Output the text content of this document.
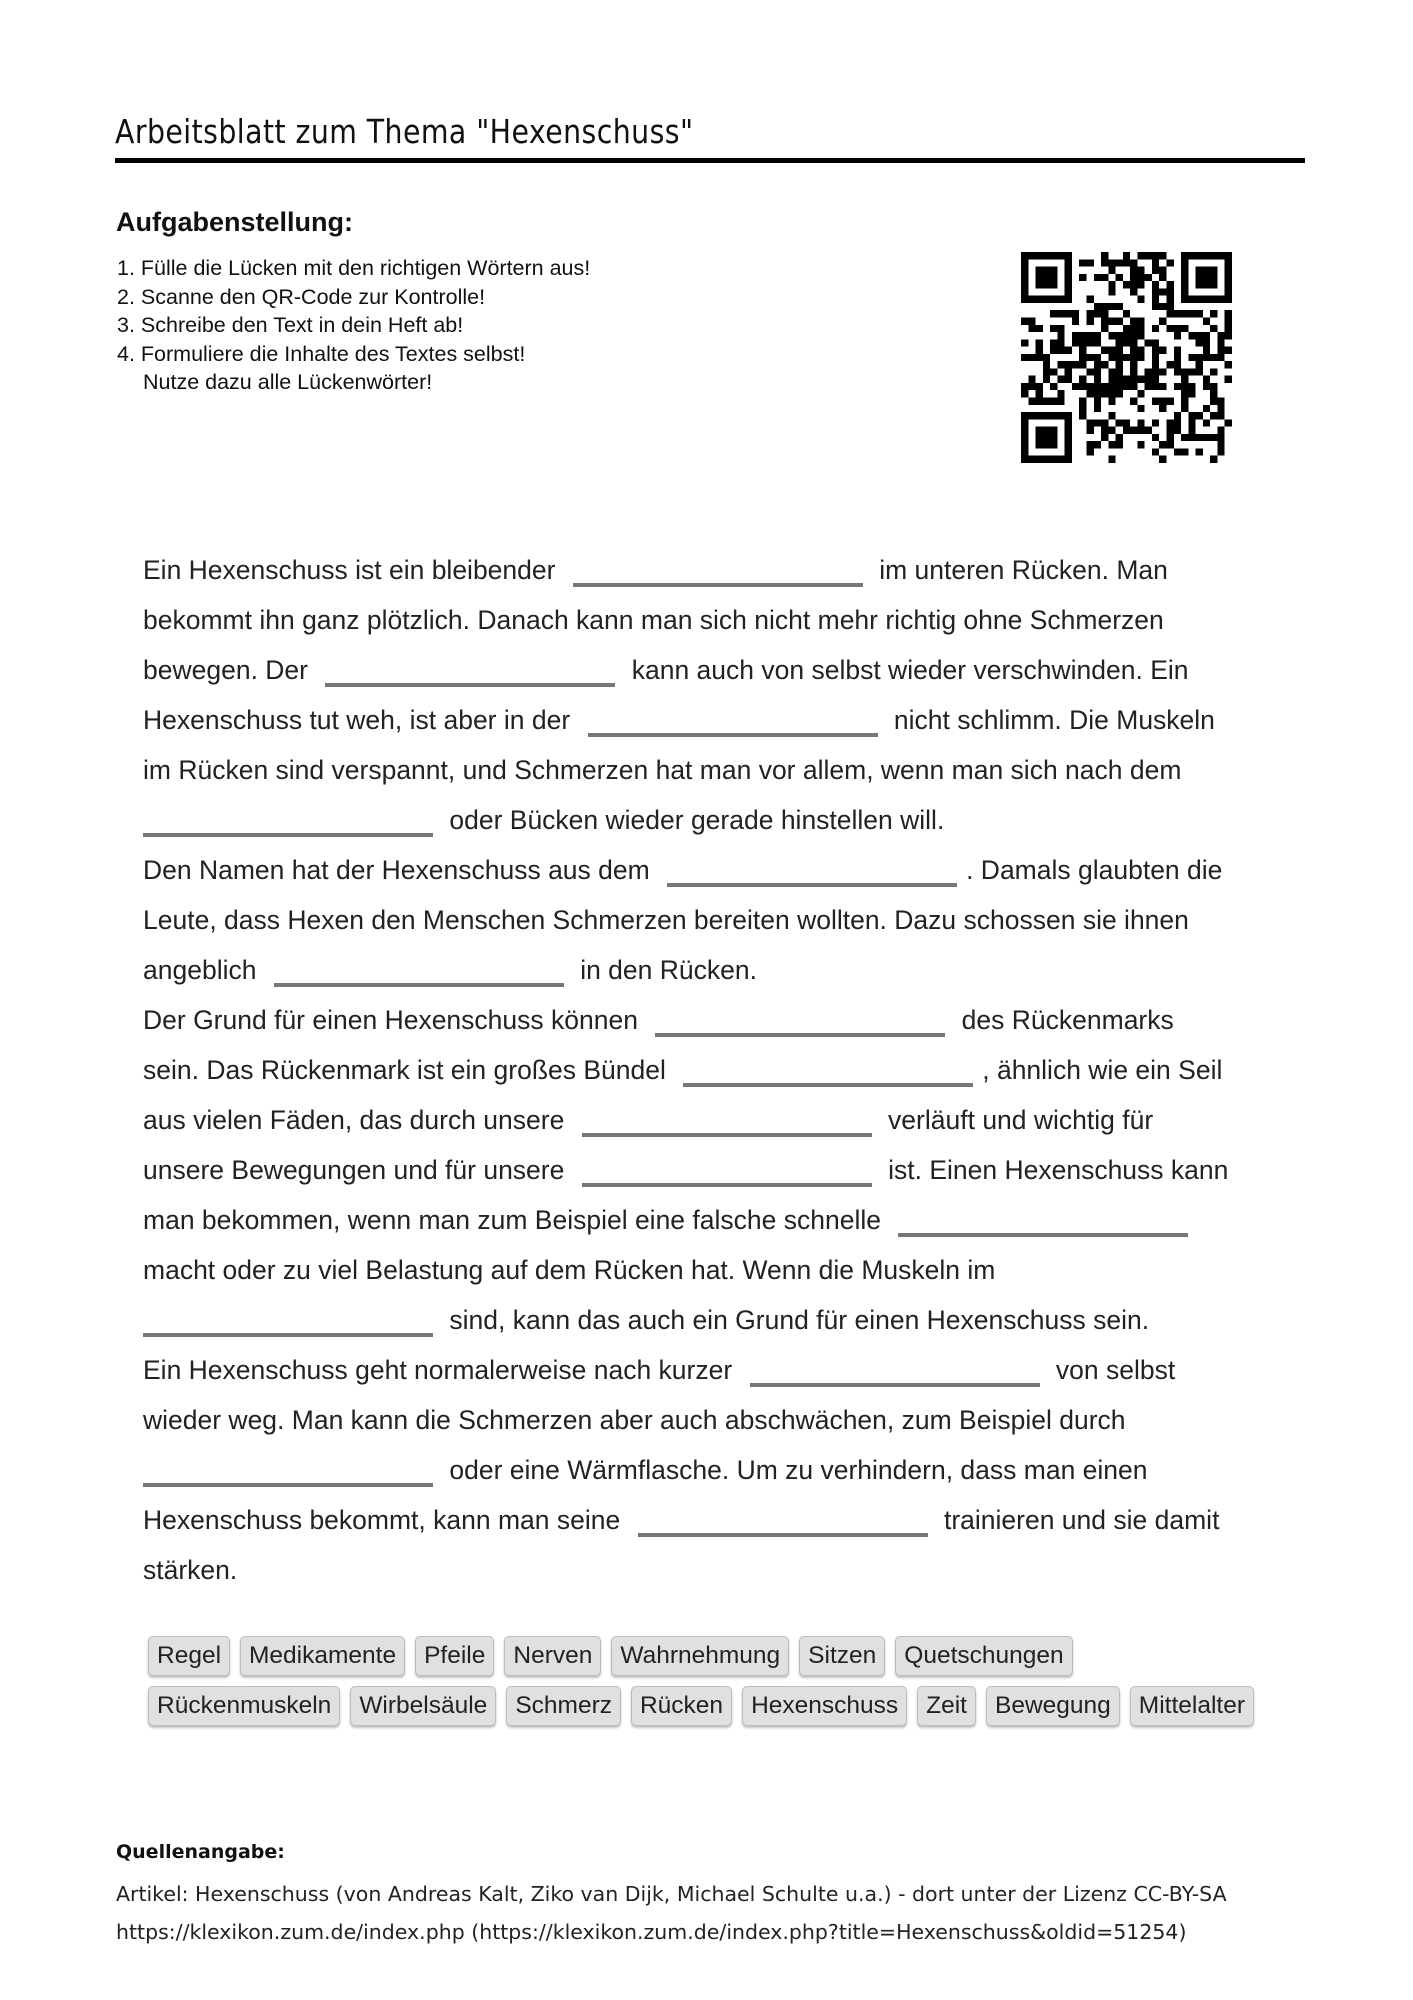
Arbeitsblatt zum Thema "Hexenschuss"
Aufgabenstellung:
1. Fülle die Lücken mit den richtigen Wörtern aus!
2. Scanne den QR-Code zur Kontrolle!
3. Schreibe den Text in dein Heft ab!
4. Formuliere die Inhalte des Textes selbst!
Nutze dazu alle Lückenwörter!
Ein Hexenschuss ist ein bleibender	im unteren Rücken. Man
bekommt ihn ganz plötzlich. Danach kann man sich nicht mehr richtig ohne Schmerzen
bewegen. Der	kann auch von selbst wieder verschwinden. Ein
Hexenschuss tut weh, ist aber in der	nicht schlimm. Die Muskeln
im Rücken sind verspannt, und Schmerzen hat man vor allem, wenn man sich nach dem
oder Bücken wieder gerade hinstellen will.
Den Namen hat der Hexenschuss aus dem	. Damals glaubten die
Leute, dass Hexen den Menschen Schmerzen bereiten wollten. Dazu schossen sie ihnen
angeblich	in den Rücken.
Der Grund für einen Hexenschuss können	des Rückenmarks
sein. Das Rückenmark ist ein großes Bündel	, ähnlich wie ein Seil
aus vielen Fäden, das durch unsere	verläuft und wichtig für
unsere Bewegungen und für unsere	ist. Einen Hexenschuss kann
man bekommen, wenn man zum Beispiel eine falsche schnelle
macht oder zu viel Belastung auf dem Rücken hat. Wenn die Muskeln im
sind, kann das auch ein Grund für einen Hexenschuss sein.
Ein Hexenschuss geht normalerweise nach kurzer	von selbst
wieder weg. Man kann die Schmerzen aber auch abschwächen, zum Beispiel durch
oder eine Wärmflasche. Um zu verhindern, dass man einen
Hexenschuss bekommt, kann man seine	trainieren und sie damit
stärken.
Regel Medikamente Pfeile Nerven Wahrnehmung Sitzen Quetschungen
Rückenmuskeln Wirbelsäule Schmerz Rücken Hexenschuss Zeit Bewegung Mittelalter
Quellenangabe:
Artikel: Hexenschuss (von Andreas Kalt, Ziko van Dijk, Michael Schulte u.a.) - dort unter der Lizenz CC-BY-SA
https://klexikon.zum.de/index.php (https://klexikon.zum.de/index.php?title=Hexenschuss&oldid=51254)
